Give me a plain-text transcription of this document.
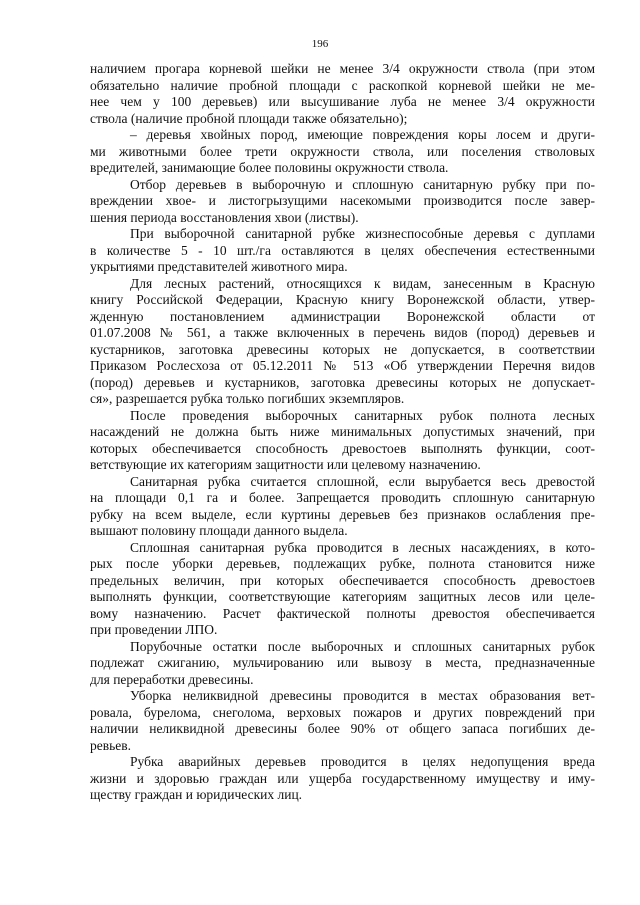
196
наличием прогара корневой шейки не менее 3/4 окружности ствола (при этом
обязательно наличие пробной площади с раскопкой корневой шейки не ме-
нее чем у 100 деревьев) или высушивание луба не менее 3/4 окружности
ствола (наличие пробной площади также обязательно);
– деревья хвойных пород, имеющие повреждения коры лосем и други-
ми животными более трети окружности ствола, или поселения стволовых
вредителей, занимающие более половины окружности ствола.
Отбор деревьев в выборочную и сплошную санитарную рубку при по-
вреждении хвое- и листогрызущими насекомыми производится после завер-
шения периода восстановления хвои (листвы).
При выборочной санитарной рубке жизнеспособные деревья с дуплами
в количестве 5 - 10 шт./га оставляются в целях обеспечения естественными
укрытиями представителей животного мира.
Для лесных растений, относящихся к видам, занесенным в Красную
книгу Российской Федерации, Красную книгу Воронежской области, утвер-
жденную постановлением администрации Воронежской области от
01.07.2008 № 561, а также включенных в перечень видов (пород) деревьев и
кустарников, заготовка древесины которых не допускается, в соответствии
Приказом Рослесхоза от 05.12.2011 № 513 «Об утверждении Перечня видов
(пород) деревьев и кустарников, заготовка древесины которых не допускает-
ся», разрешается рубка только погибших экземпляров.
После проведения выборочных санитарных рубок полнота лесных
насаждений не должна быть ниже минимальных допустимых значений, при
которых обеспечивается способность древостоев выполнять функции, соот-
ветствующие их категориям защитности или целевому назначению.
Санитарная рубка считается сплошной, если вырубается весь древостой
на площади 0,1 га и более. Запрещается проводить сплошную санитарную
рубку на всем выделе, если куртины деревьев без признаков ослабления пре-
вышают половину площади данного выдела.
Сплошная санитарная рубка проводится в лесных насаждениях, в кото-
рых после уборки деревьев, подлежащих рубке, полнота становится ниже
предельных величин, при которых обеспечивается способность древостоев
выполнять функции, соответствующие категориям защитных лесов или целе-
вому назначению. Расчет фактической полноты древостоя обеспечивается
при проведении ЛПО.
Порубочные остатки после выборочных и сплошных санитарных рубок
подлежат сжиганию, мульчированию или вывозу в места, предназначенные
для переработки древесины.
Уборка неликвидной древесины проводится в местах образования вет-
ровала, бурелома, снеголома, верховых пожаров и других повреждений при
наличии неликвидной древесины более 90% от общего запаса погибших де-
ревьев.
Рубка аварийных деревьев проводится в целях недопущения вреда
жизни и здоровью граждан или ущерба государственному имуществу и иму-
ществу граждан и юридических лиц.
